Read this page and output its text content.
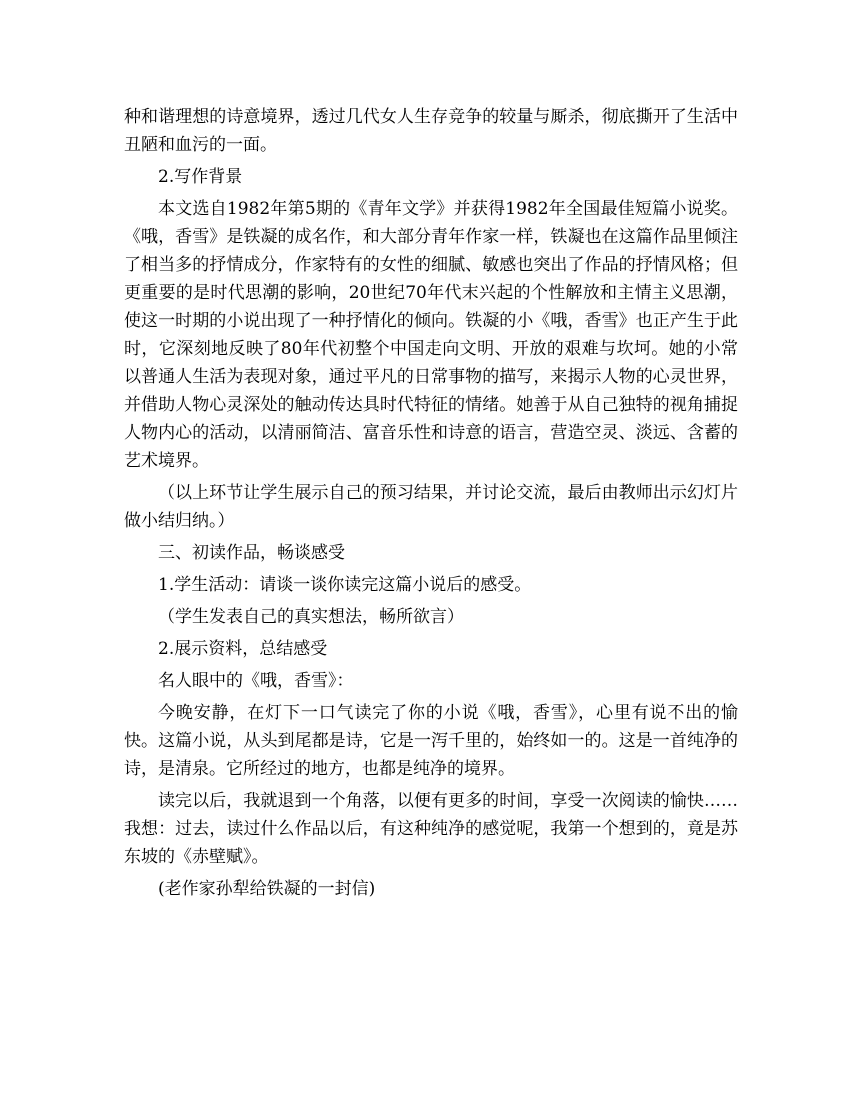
种和谐理想的诗意境界，透过几代女人生存竞争的较量与厮杀，彻底撕开了生活中丑陋和血污的一面。

2.写作背景

本文选自1982年第5期的《青年文学》并获得1982年全国最佳短篇小说奖。《哦，香雪》是铁凝的成名作，和大部分青年作家一样，铁凝也在这篇作品里倾注了相当多的抒情成分，作家特有的女性的细腻、敏感也突出了作品的抒情风格；但更重要的是时代思潮的影响，20世纪70年代末兴起的个性解放和主情主义思潮，使这一时期的小说出现了一种抒情化的倾向。铁凝的小《哦，香雪》也正产生于此时，它深刻地反映了80年代初整个中国走向文明、开放的艰难与坎坷。她的小常以普通人生活为表现对象，通过平凡的日常事物的描写，来揭示人物的心灵世界，并借助人物心灵深处的触动传达具时代特征的情绪。她善于从自己独特的视角捕捉人物内心的活动，以清丽简洁、富音乐性和诗意的语言，营造空灵、淡远、含蓄的艺术境界。

（以上环节让学生展示自己的预习结果，并讨论交流，最后由教师出示幻灯片做小结归纳。）

三、初读作品，畅谈感受

1.学生活动：请谈一谈你读完这篇小说后的感受。

（学生发表自己的真实想法，畅所欲言）

2.展示资料，总结感受

名人眼中的《哦，香雪》：

今晚安静，在灯下一口气读完了你的小说《哦，香雪》，心里有说不出的愉快。这篇小说，从头到尾都是诗，它是一泻千里的，始终如一的。这是一首纯净的诗，是清泉。它所经过的地方，也都是纯净的境界。

读完以后，我就退到一个角落，以便有更多的时间，享受一次阅读的愉快……我想：过去，读过什么作品以后，有这种纯净的感觉呢，我第一个想到的，竟是苏东坡的《赤壁赋》。

(老作家孙犁给铁凝的一封信)
